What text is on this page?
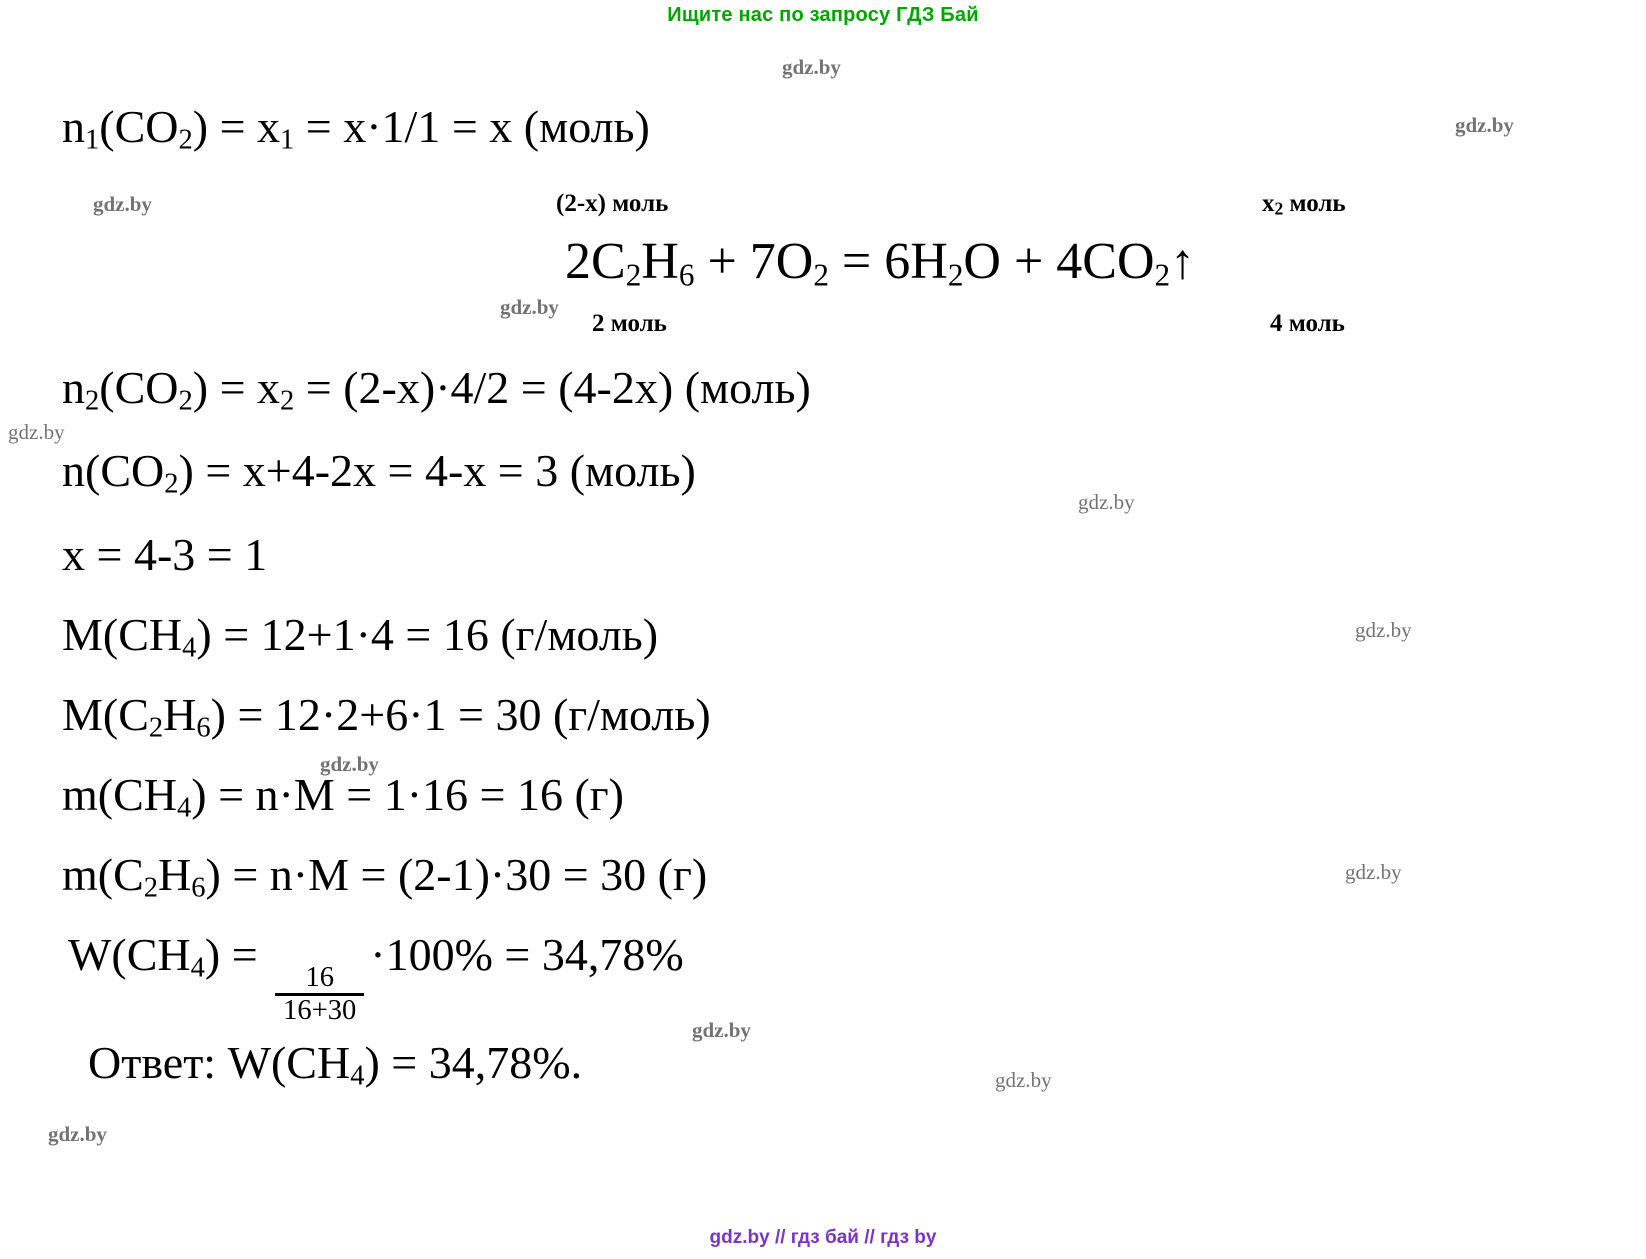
Ищите нас по запросу ГДЗ Бай
gdz.by
gdz.by
gdz.by
gdz.by
gdz.by
gdz.by
gdz.by
gdz.by
gdz.by
gdz.by
gdz.by
gdz.by
$n_1(CO_2) = x_1 = x\cdot 1/1 = x$ (моль)
$n_2(CO_2) = x_2 = (2-x)\cdot 4/2 = (4-2x)$ (моль)
$n(CO_2) = x+4-2x = 4-x = 3$ (моль)
x = 4-3 = 1
$M(CH_4) = 12+1\cdot 4 = 16$ (г/моль)
$M(C_2H_6) = 12\cdot 2+6\cdot 1 = 30$ (г/моль)
$m(CH_4) = n\cdot M = 1\cdot 16 = 16$ (г)
$m(C_2H_6) = n\cdot M = (2-1)\cdot 30 = 30$ (г)
$W(CH_4)$ =
$\frac{16}{16+30}$
·100% = 34,78%
Ответ: $W(CH_4) = 34,78\%$.
$2C_2H_6 + 7O_2 = 6H_2O$ + $4CO_2↑$
(2-x) моль	$x_2$ моль
2 моль	4 моль
gdz.by // гдз бай // гдз by
